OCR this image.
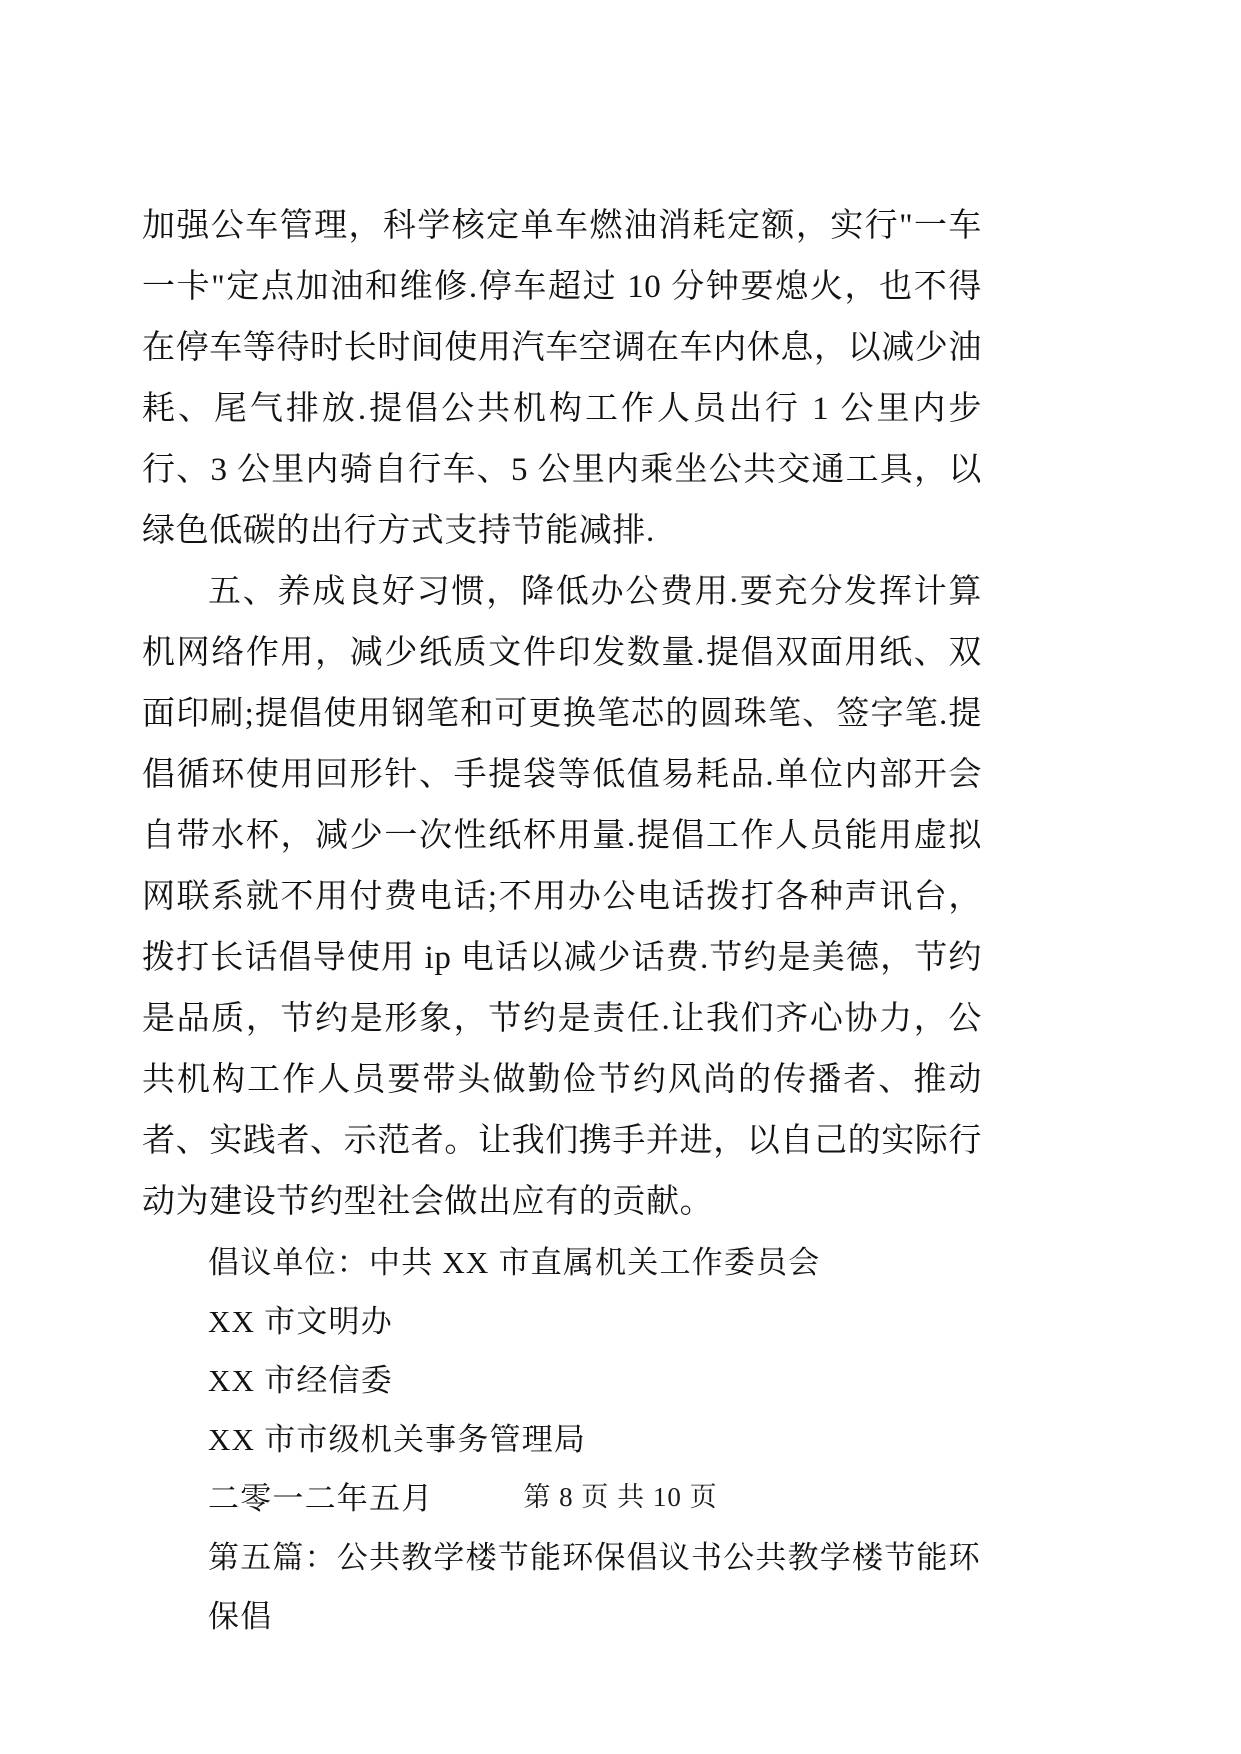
加强公车管理，科学核定单车燃油消耗定额，实行"一车一卡"定点加油和维修.停车超过 10 分钟要熄火，也不得在停车等待时长时间使用汽车空调在车内休息，以减少油耗、尾气排放.提倡公共机构工作人员出行 1 公里内步行、3 公里内骑自行车、5 公里内乘坐公共交通工具，以绿色低碳的出行方式支持节能减排.

五、养成良好习惯，降低办公费用.要充分发挥计算机网络作用，减少纸质文件印发数量.提倡双面用纸、双面印刷;提倡使用钢笔和可更换笔芯的圆珠笔、签字笔.提倡循环使用回形针、手提袋等低值易耗品.单位内部开会自带水杯，减少一次性纸杯用量.提倡工作人员能用虚拟网联系就不用付费电话;不用办公电话拨打各种声讯台，拨打长话倡导使用 ip 电话以减少话费.节约是美德，节约是品质，节约是形象，节约是责任.让我们齐心协力，公共机构工作人员要带头做勤俭节约风尚的传播者、推动者、实践者、示范者。让我们携手并进，以自己的实际行动为建设节约型社会做出应有的贡献。

倡议单位：中共 XX 市直属机关工作委员会

XX 市文明办

XX 市经信委

XX 市市级机关事务管理局

二零一二年五月

第五篇：公共教学楼节能环保倡议书公共教学楼节能环保倡

第 8 页 共 10 页
